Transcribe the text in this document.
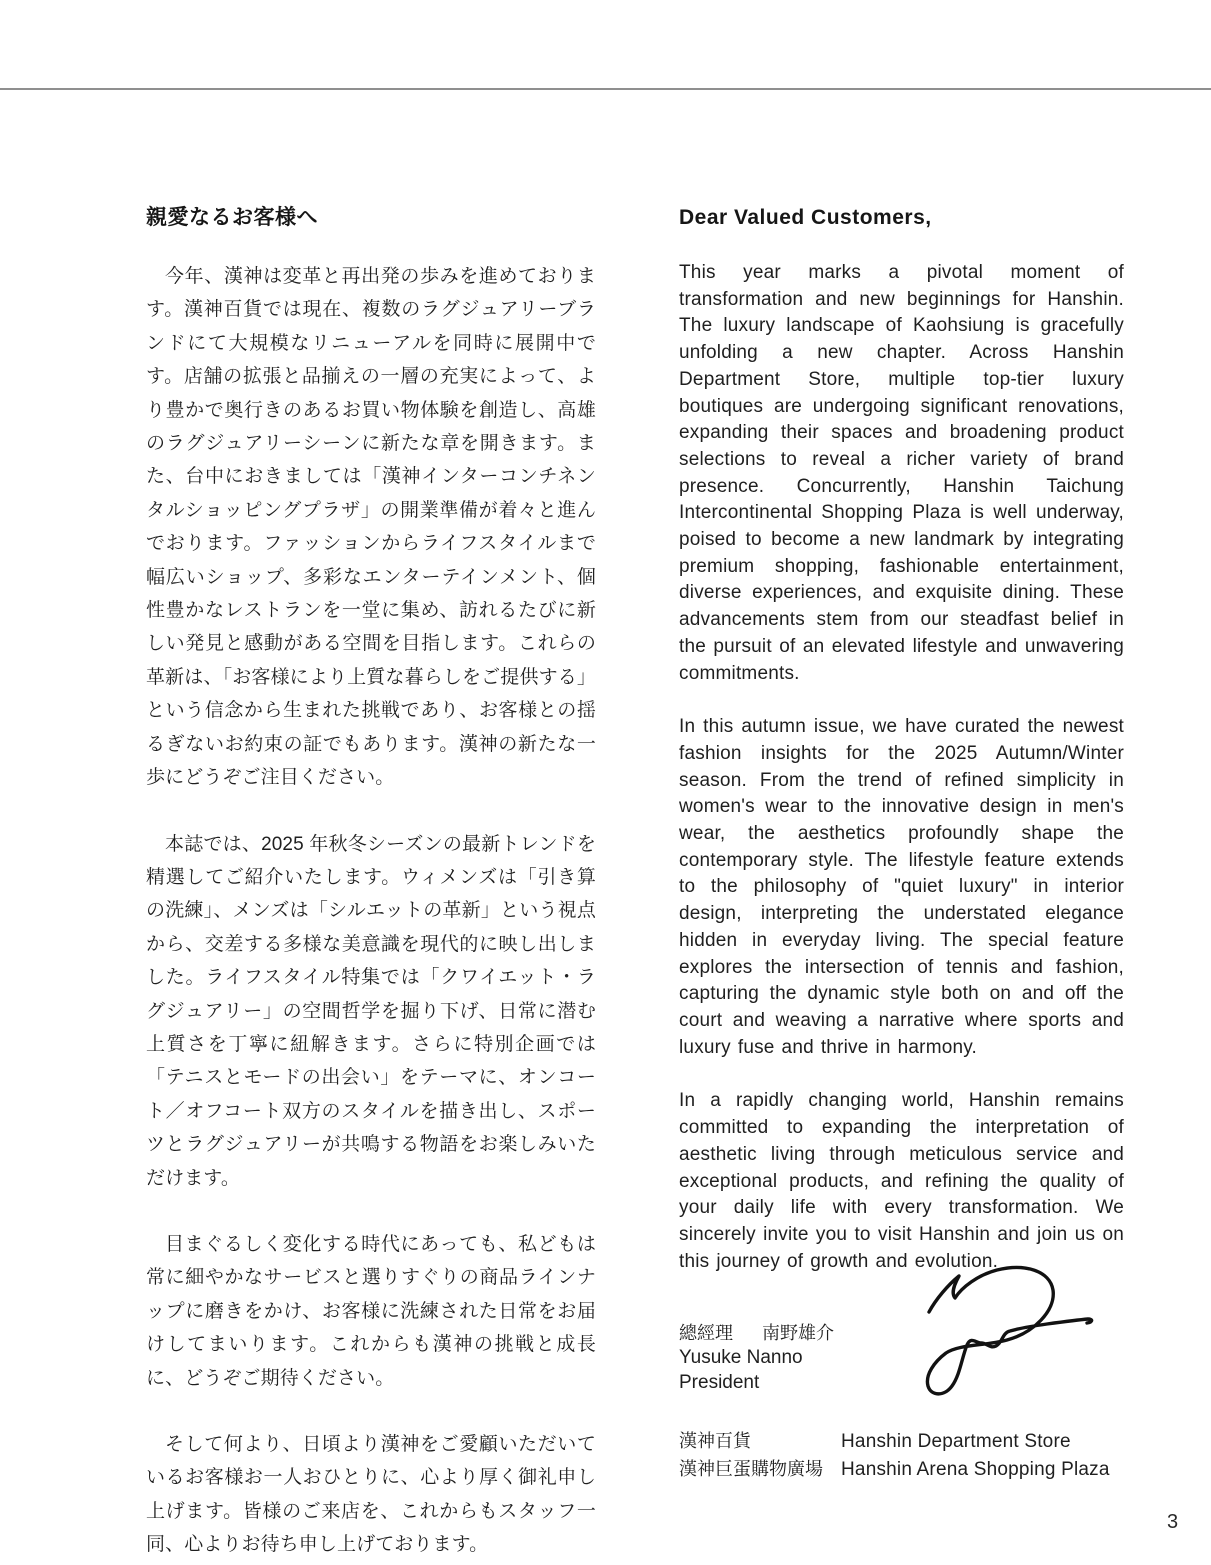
親愛なるお客様へ

今年、漢神は変革と再出発の歩みを進めております。漢神百貨では現在、複数のラグジュアリーブランドにて大規模なリニューアルを同時に展開中です。店舗の拡張と品揃えの一層の充実によって、より豊かで奥行きのあるお買い物体験を創造し、高雄のラグジュアリーシーンに新たな章を開きます。また、台中におきましては「漢神インターコンチネンタルショッピングプラザ」の開業準備が着々と進んでおります。ファッションからライフスタイルまで幅広いショップ、多彩なエンターテインメント、個性豊かなレストランを一堂に集め、訪れるたびに新しい発見と感動がある空間を目指します。これらの革新は、「お客様により上質な暮らしをご提供する」という信念から生まれた挑戦であり、お客様との揺るぎないお約束の証でもあります。漢神の新たな一歩にどうぞご注目ください。

本誌では、2025 年秋冬シーズンの最新トレンドを精選してご紹介いたします。ウィメンズは「引き算の洗練」、メンズは「シルエットの革新」という視点から、交差する多様な美意識を現代的に映し出しました。ライフスタイル特集では「クワイエット・ラグジュアリー」の空間哲学を掘り下げ、日常に潜む上質さを丁寧に紐解きます。さらに特別企画では「テニスとモードの出会い」をテーマに、オンコート／オフコート双方のスタイルを描き出し、スポーツとラグジュアリーが共鳴する物語をお楽しみいただけます。

目まぐるしく変化する時代にあっても、私どもは常に細やかなサービスと選りすぐりの商品ラインナップに磨きをかけ、お客様に洗練された日常をお届けしてまいります。これからも漢神の挑戦と成長に、どうぞご期待ください。

そして何より、日頃より漢神をご愛顧いただいているお客様お一人おひとりに、心より厚く御礼申し上げます。皆様のご来店を、これからもスタッフ一同、心よりお待ち申し上げております。

Dear Valued Customers,

This year marks a pivotal moment of transformation and new beginnings for Hanshin. The luxury landscape of Kaohsiung is gracefully unfolding a new chapter. Across Hanshin Department Store, multiple top-tier luxury boutiques are undergoing significant renovations, expanding their spaces and broadening product selections to reveal a richer variety of brand presence. Concurrently, Hanshin Taichung Intercontinental Shopping Plaza is well underway, poised to become a new landmark by integrating premium shopping, fashionable entertainment, diverse experiences, and exquisite dining. These advancements stem from our steadfast belief in the pursuit of an elevated lifestyle and unwavering commitments.

In this autumn issue, we have curated the newest fashion insights for the 2025 Autumn/Winter season. From the trend of refined simplicity in women's wear to the innovative design in men's wear, the aesthetics profoundly shape the contemporary style. The lifestyle feature extends to the philosophy of "quiet luxury" in interior design, interpreting the understated elegance hidden in everyday living. The special feature explores the intersection of tennis and fashion, capturing the dynamic style both on and off the court and weaving a narrative where sports and luxury fuse and thrive in harmony.

In a rapidly changing world, Hanshin remains committed to expanding the interpretation of aesthetic living through meticulous service and exceptional products, and refining the quality of your daily life with every transformation. We sincerely invite you to visit Hanshin and join us on this journey of growth and evolution.

總經理 南野雄介
Yusuke Nanno
President
漢神百貨	Hanshin Department Store
漢神巨蛋購物廣場 Hanshin Arena Shopping Plaza
3
